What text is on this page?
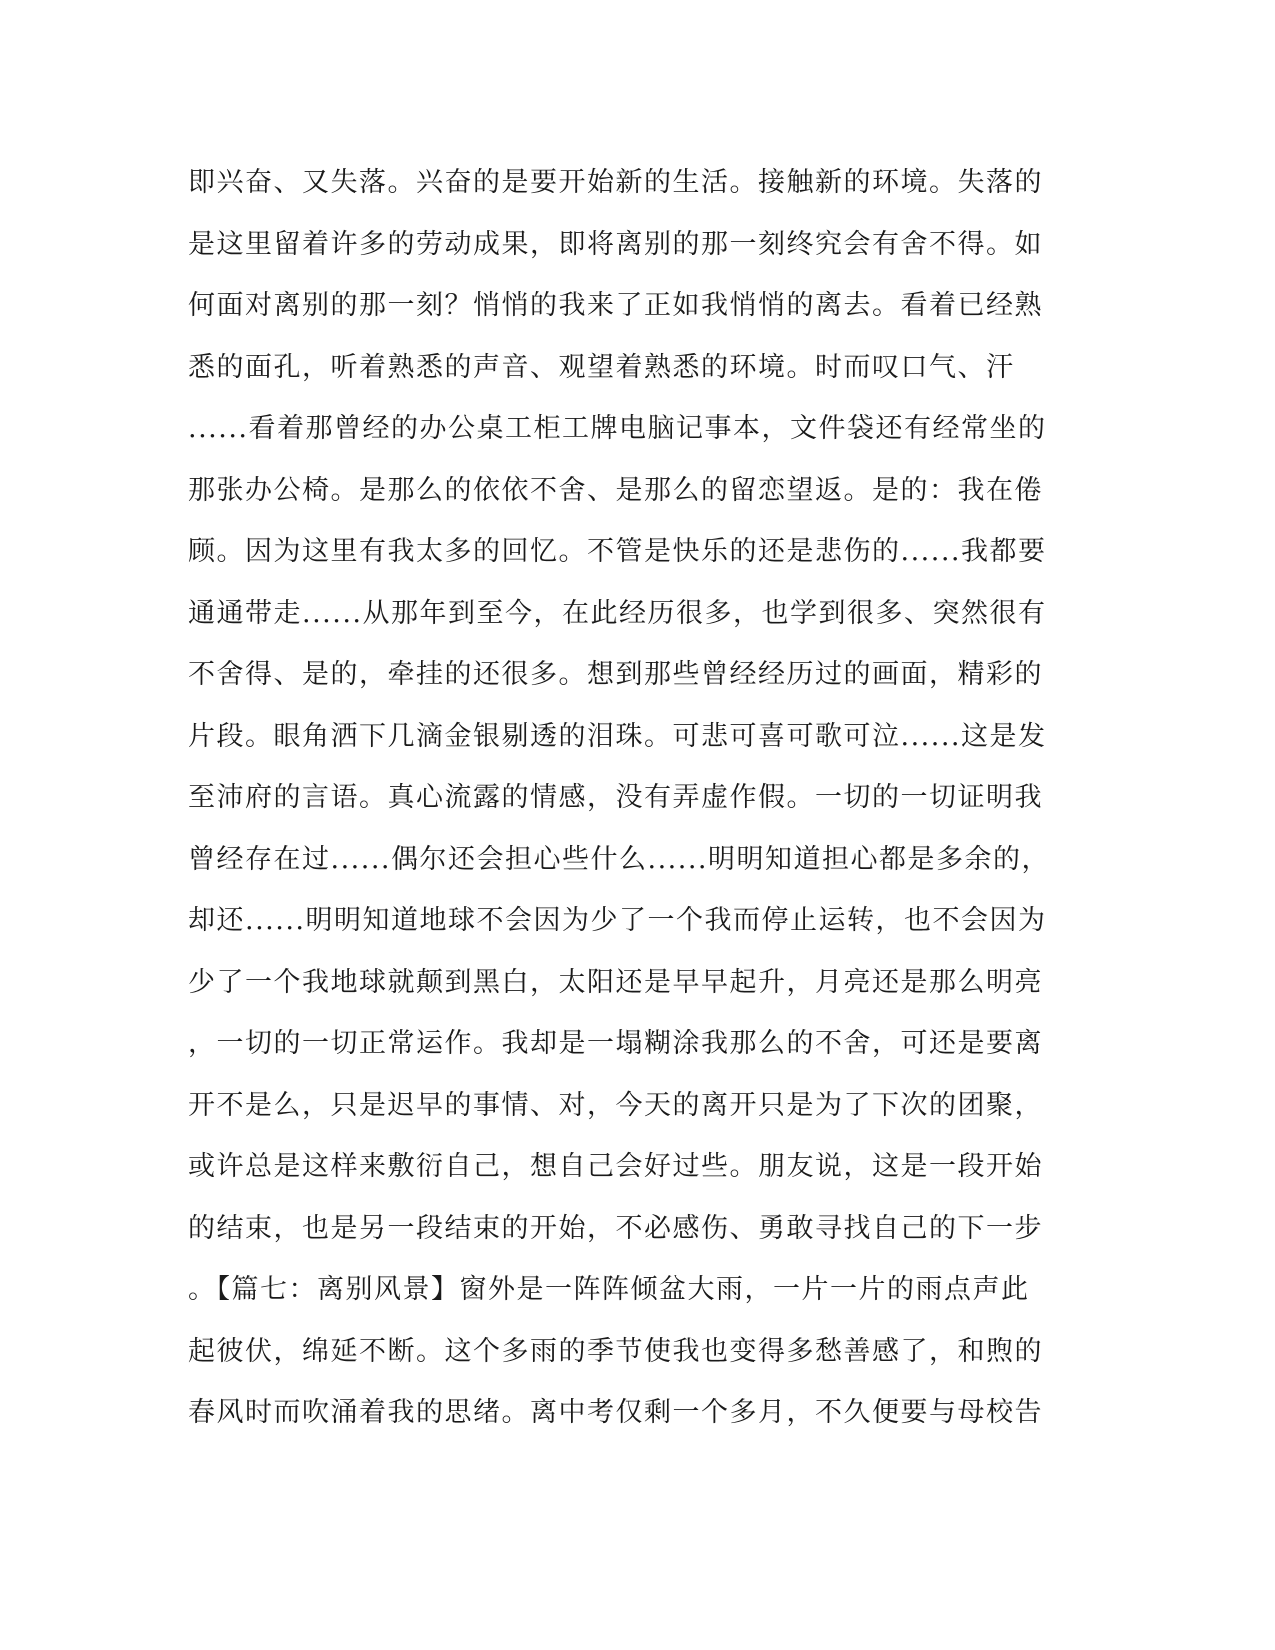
即兴奋、又失落。兴奋的是要开始新的生活。接触新的环境。失落的
是这里留着许多的劳动成果，即将离别的那一刻终究会有舍不得。如
何面对离别的那一刻？悄悄的我来了正如我悄悄的离去。看着已经熟
悉的面孔，听着熟悉的声音、观望着熟悉的环境。时而叹口气、汗
......看着那曾经的办公桌工柜工牌电脑记事本，文件袋还有经常坐的
那张办公椅。是那么的依依不舍、是那么的留恋望返。是的：我在倦
顾。因为这里有我太多的回忆。不管是快乐的还是悲伤的......我都要
通通带走......从那年到至今，在此经历很多，也学到很多、突然很有
不舍得、是的，牵挂的还很多。想到那些曾经经历过的画面，精彩的
片段。眼角洒下几滴金银剔透的泪珠。可悲可喜可歌可泣......这是发
至沛府的言语。真心流露的情感，没有弄虚作假。一切的一切证明我
曾经存在过......偶尔还会担心些什么......明明知道担心都是多余的，
却还......明明知道地球不会因为少了一个我而停止运转，也不会因为
少了一个我地球就颠到黑白，太阳还是早早起升，月亮还是那么明亮
，一切的一切正常运作。我却是一塌糊涂我那么的不舍，可还是要离
开不是么，只是迟早的事情、对，今天的离开只是为了下次的团聚，
或许总是这样来敷衍自己，想自己会好过些。朋友说，这是一段开始
的结束，也是另一段结束的开始，不必感伤、勇敢寻找自己的下一步
。【篇七：离别风景】窗外是一阵阵倾盆大雨，一片一片的雨点声此
起彼伏，绵延不断。这个多雨的季节使我也变得多愁善感了，和煦的
春风时而吹涌着我的思绪。离中考仅剩一个多月，不久便要与母校告
